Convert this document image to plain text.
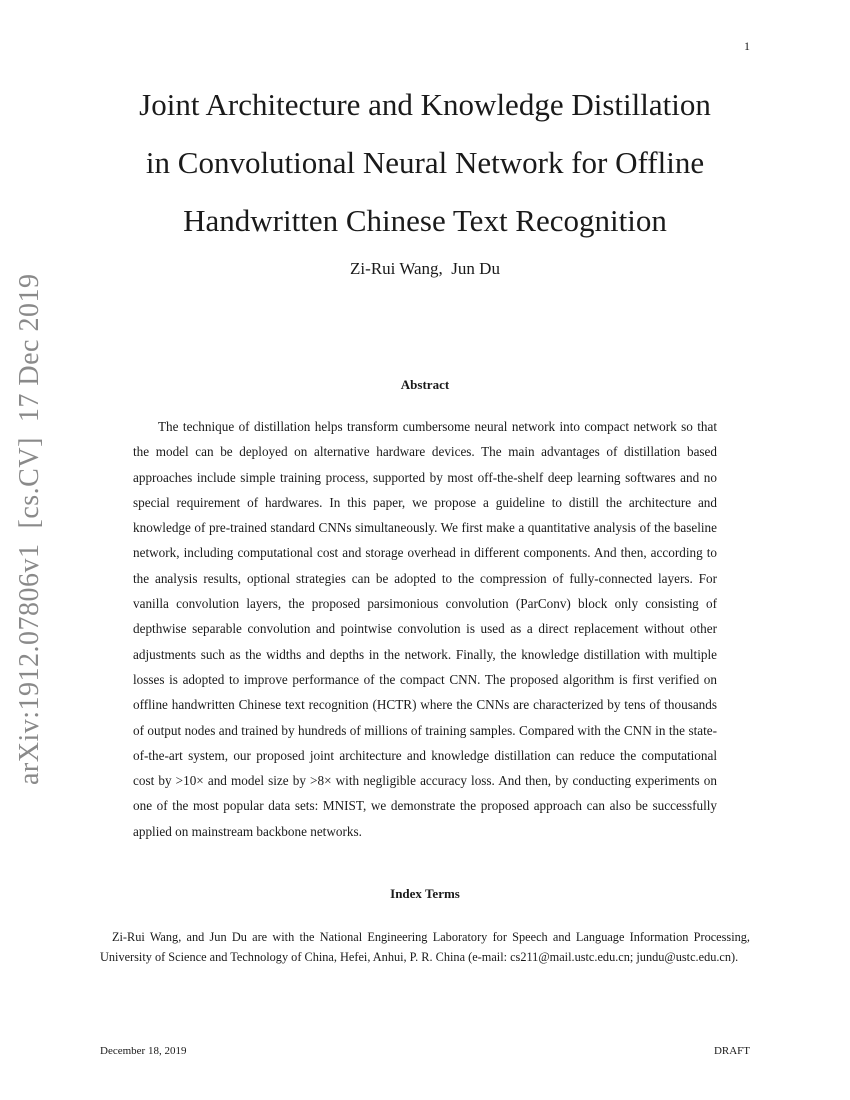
1
arXiv:1912.07806v1  [cs.CV]  17 Dec 2019
Joint Architecture and Knowledge Distillation
in Convolutional Neural Network for Offline
Handwritten Chinese Text Recognition
Zi-Rui Wang,  Jun Du
Abstract

The technique of distillation helps transform cumbersome neural network into compact network so that the model can be deployed on alternative hardware devices. The main advantages of distillation based approaches include simple training process, supported by most off-the-shelf deep learning softwares and no special requirement of hardwares. In this paper, we propose a guideline to distill the architecture and knowledge of pre-trained standard CNNs simultaneously. We first make a quantitative analysis of the baseline network, including computational cost and storage overhead in different components. And then, according to the analysis results, optional strategies can be adopted to the compression of fully-connected layers. For vanilla convolution layers, the proposed parsimonious convolution (ParConv) block only consisting of depthwise separable convolution and pointwise convolution is used as a direct replacement without other adjustments such as the widths and depths in the network. Finally, the knowledge distillation with multiple losses is adopted to improve performance of the compact CNN. The proposed algorithm is first verified on offline handwritten Chinese text recognition (HCTR) where the CNNs are characterized by tens of thousands of output nodes and trained by hundreds of millions of training samples. Compared with the CNN in the state-of-the-art system, our proposed joint architecture and knowledge distillation can reduce the computational cost by >10× and model size by >8× with negligible accuracy loss. And then, by conducting experiments on one of the most popular data sets: MNIST, we demonstrate the proposed approach can also be successfully applied on mainstream backbone networks.

Index Terms

Zi-Rui Wang, and Jun Du are with the National Engineering Laboratory for Speech and Language Information Processing, University of Science and Technology of China, Hefei, Anhui, P. R. China (e-mail: cs211@mail.ustc.edu.cn; jundu@ustc.edu.cn).

December 18, 2019	DRAFT
